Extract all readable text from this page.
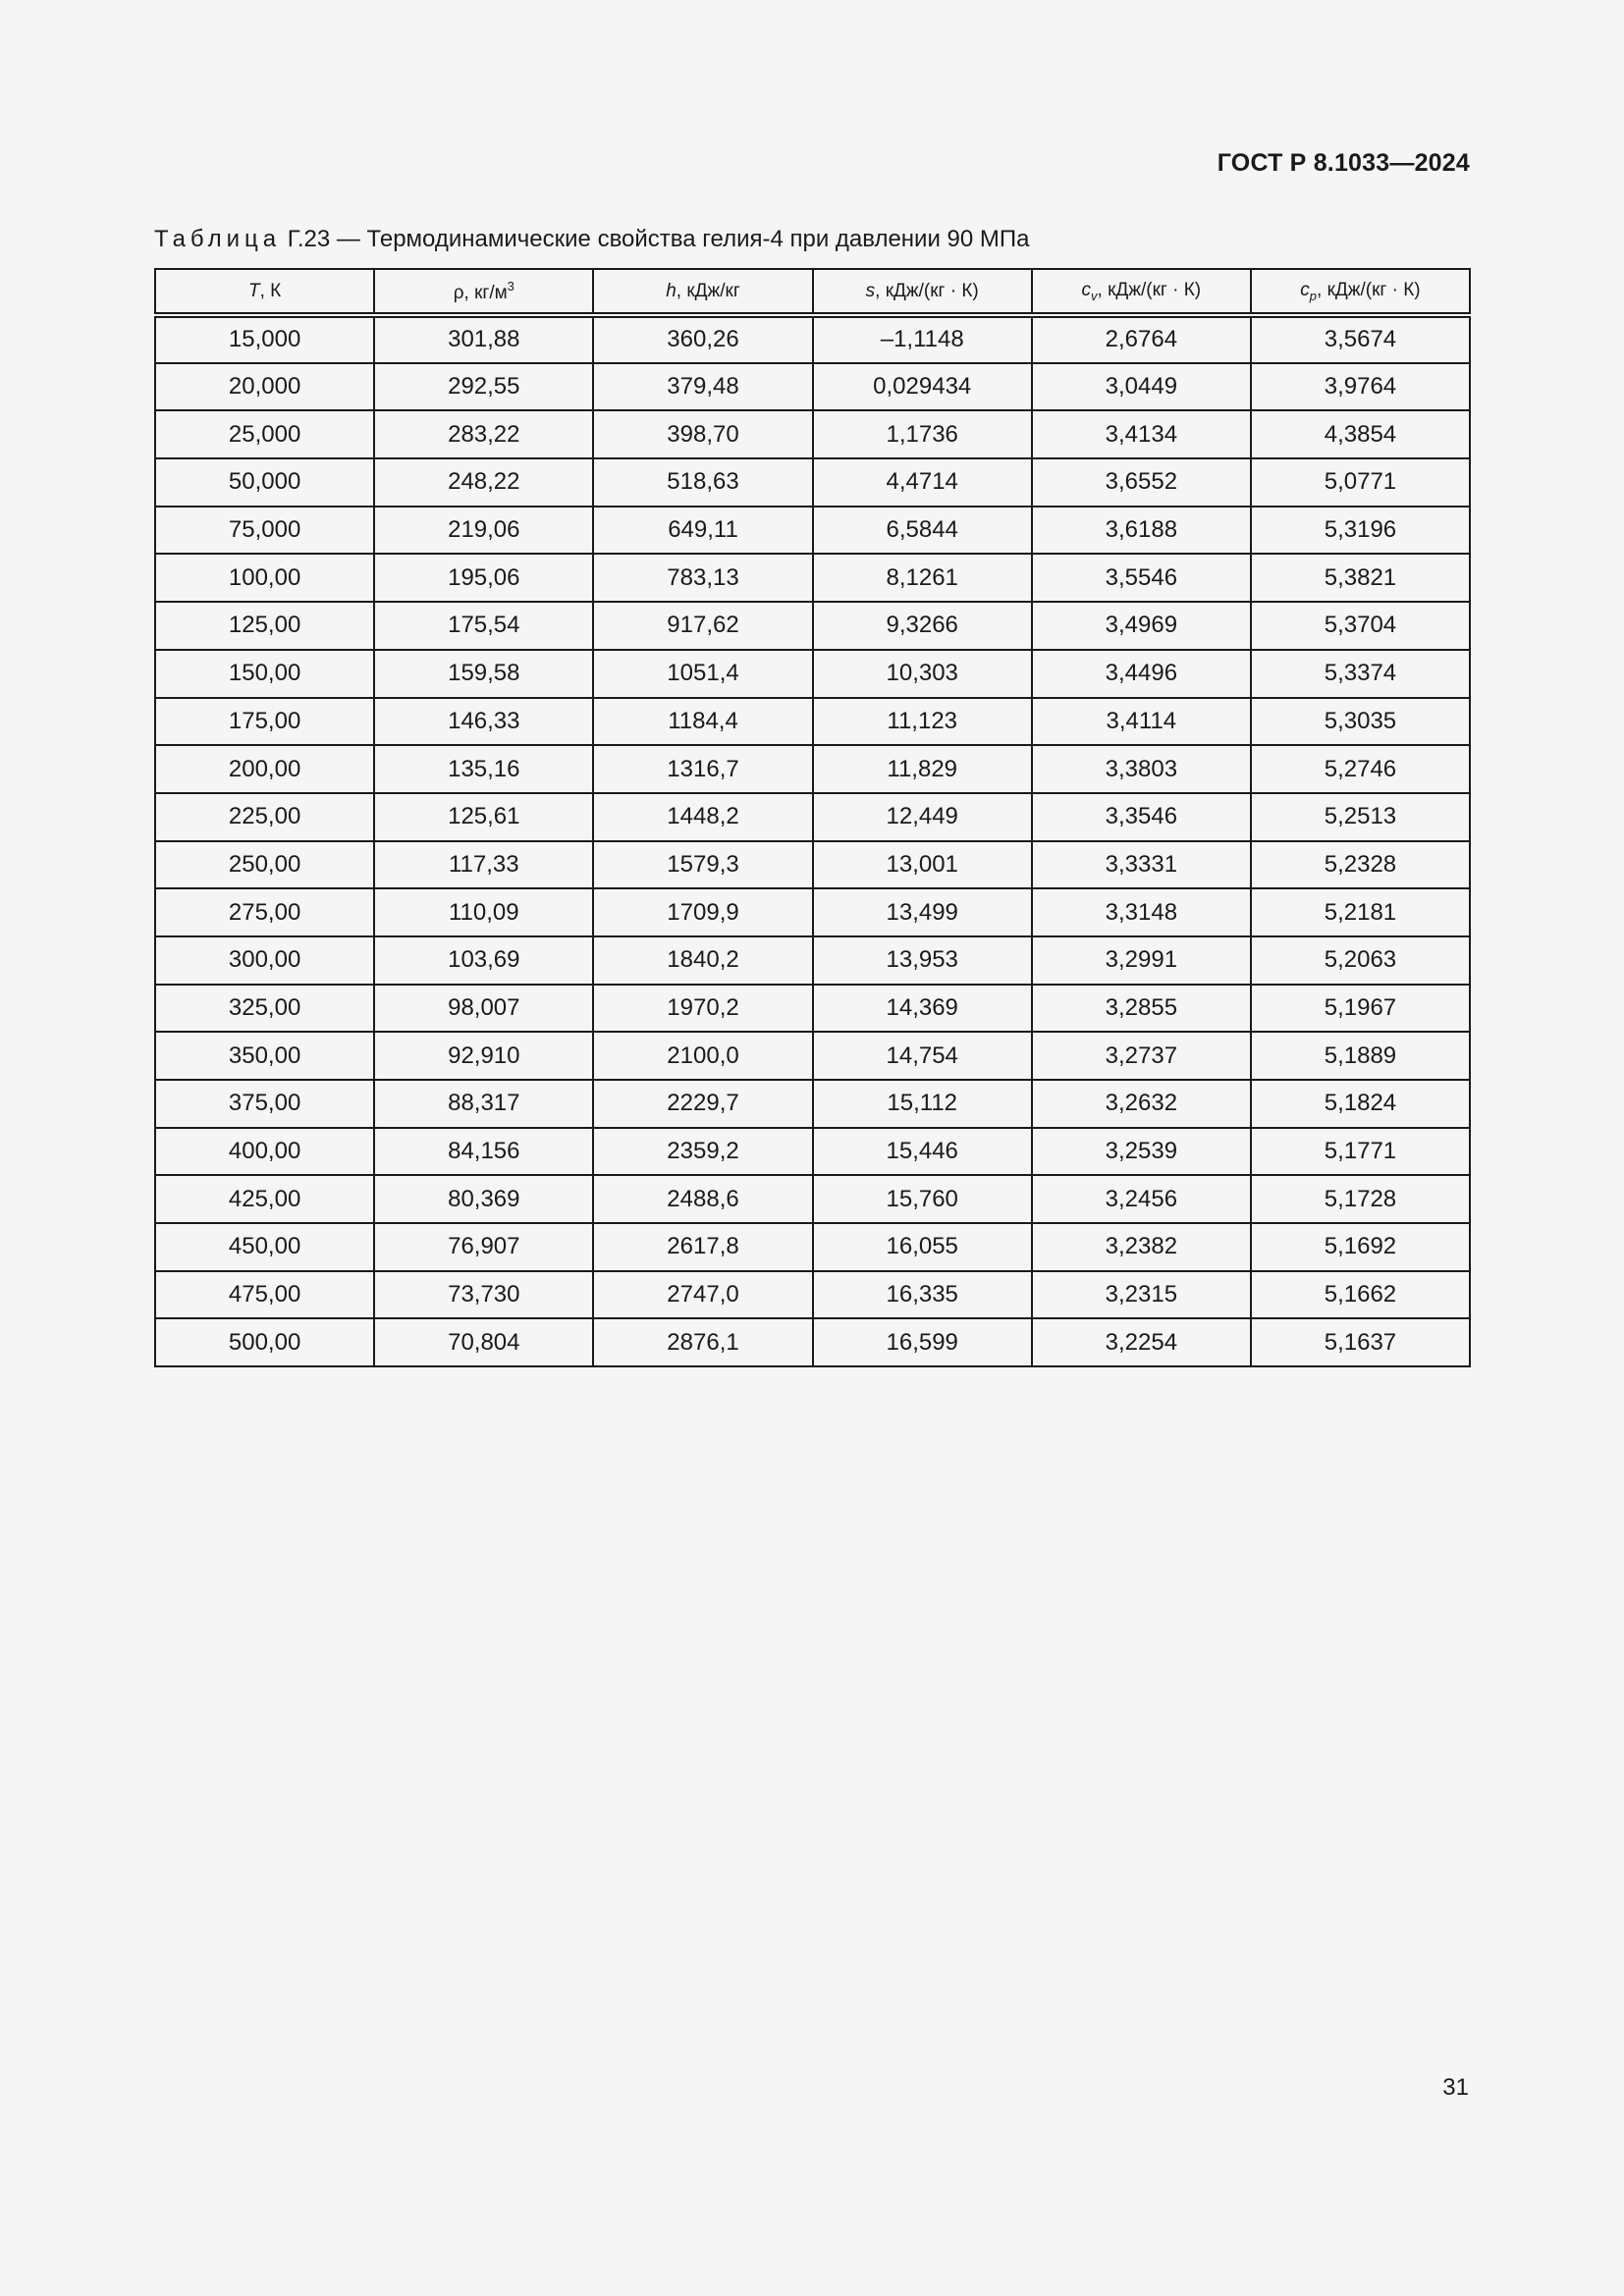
ГОСТ Р 8.1033—2024
Таблица Г.23 — Термодинамические свойства гелия-4 при давлении 90 МПа
T, К	ρ, $кг/м^3$	h, кДж/кг	s, кДж/(кг · К)	$c_v$, кДж/(кг · К)	$c_p$, кДж/(кг · К)
15,000	301,88	360,26	–1,1148	2,6764	3,5674
20,000	292,55	379,48	0,029434	3,0449	3,9764
25,000	283,22	398,70	1,1736	3,4134	4,3854
50,000	248,22	518,63	4,4714	3,6552	5,0771
75,000	219,06	649,11	6,5844	3,6188	5,3196
100,00	195,06	783,13	8,1261	3,5546	5,3821
125,00	175,54	917,62	9,3266	3,4969	5,3704
150,00	159,58	1051,4	10,303	3,4496	5,3374
175,00	146,33	1184,4	11,123	3,4114	5,3035
200,00	135,16	1316,7	11,829	3,3803	5,2746
225,00	125,61	1448,2	12,449	3,3546	5,2513
250,00	117,33	1579,3	13,001	3,3331	5,2328
275,00	110,09	1709,9	13,499	3,3148	5,2181
300,00	103,69	1840,2	13,953	3,2991	5,2063
325,00	98,007	1970,2	14,369	3,2855	5,1967
350,00	92,910	2100,0	14,754	3,2737	5,1889
375,00	88,317	2229,7	15,112	3,2632	5,1824
400,00	84,156	2359,2	15,446	3,2539	5,1771
425,00	80,369	2488,6	15,760	3,2456	5,1728
450,00	76,907	2617,8	16,055	3,2382	5,1692
475,00	73,730	2747,0	16,335	3,2315	5,1662
500,00	70,804	2876,1	16,599	3,2254	5,1637
31
